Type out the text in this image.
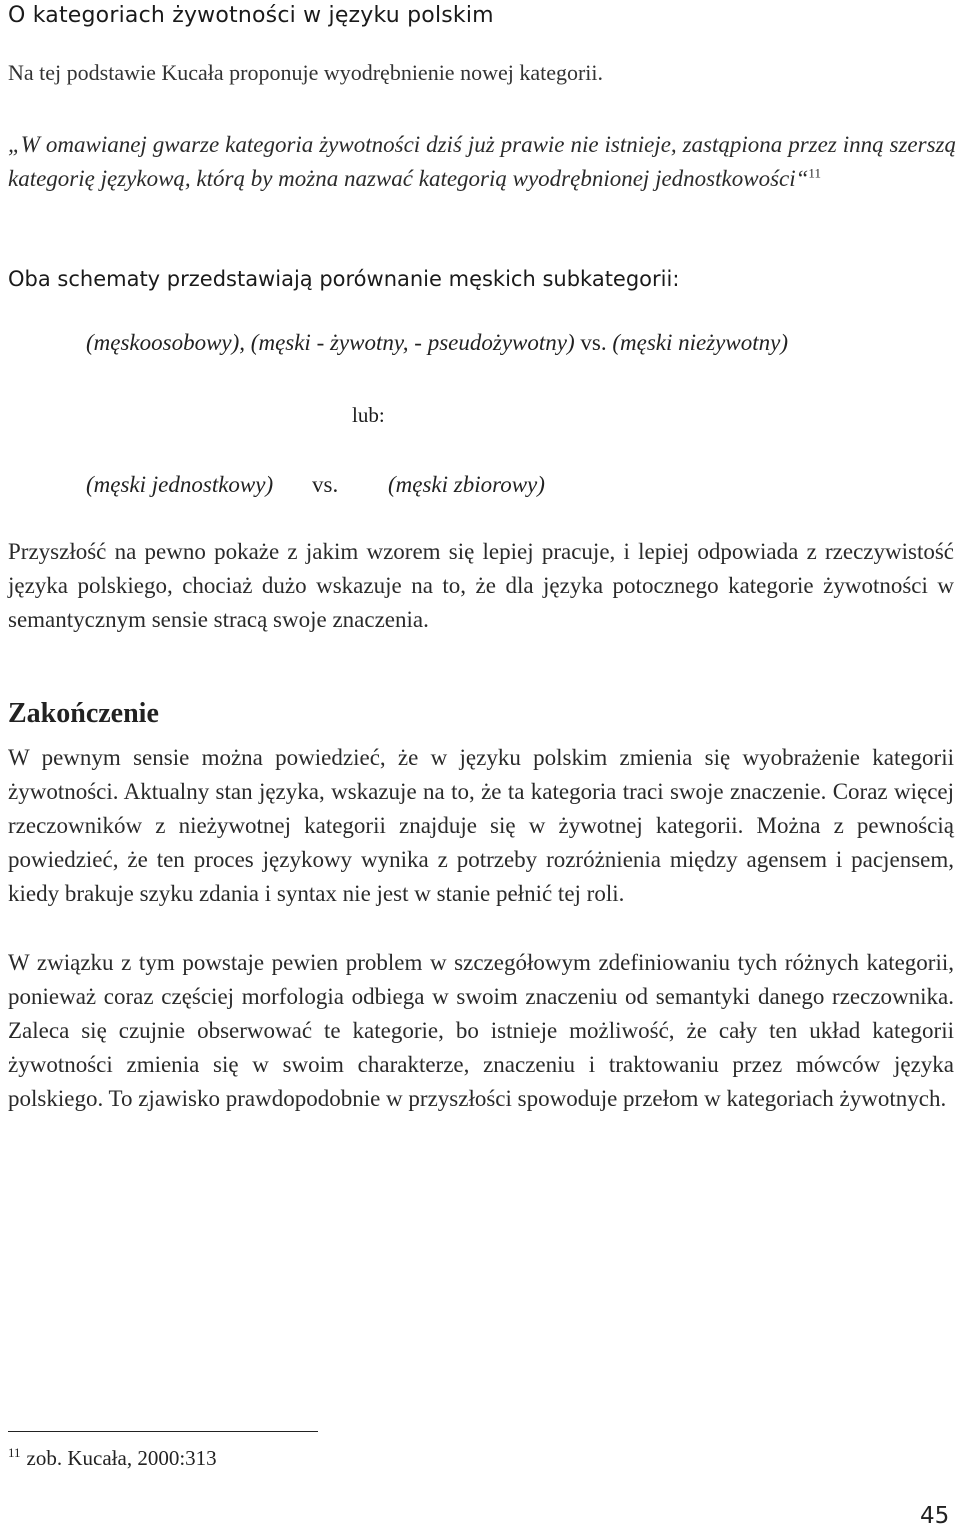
O kategoriach żywotności w języku polskim

Na tej podstawie Kucała proponuje wyodrębnienie nowej kategorii.

„W omawianej gwarze kategoria żywotności dziś już prawie nie istnieje, zastąpiona przez inną szerszą kategorię językową, którą by można nazwać kategorią wyodrębnionej jednostkowości“$^{11}$

Oba schematy przedstawiają porównanie męskich subkategorii:

(męskoosobowy), (męski - żywotny, - pseudożywotny) vs. (męski nieżywotny)

lub:

(męski jednostkowy) vs. (męski zbiorowy)

Przyszłość na pewno pokaże z jakim wzorem się lepiej pracuje, i lepiej odpowiada z rzeczywistość języka polskiego, chociaż dużo wskazuje na to, że dla języka potocznego kategorie żywotności w semantycznym sensie stracą swoje znaczenia.

Zakończenie

W pewnym sensie można powiedzieć, że w języku polskim zmienia się wyobrażenie kategorii żywotności. Aktualny stan języka, wskazuje na to, że ta kategoria traci swoje znaczenie. Coraz więcej rzeczowników z nieżywotnej kategorii znajduje się w żywotnej kategorii. Można z pewnością powiedzieć, że ten proces językowy wynika z potrzeby rozróżnienia między agensem i pacjensem, kiedy brakuje szyku zdania i syntax nie jest w stanie pełnić tej roli.

W związku z tym powstaje pewien problem w szczegółowym zdefiniowaniu tych różnych kategorii, ponieważ coraz częściej morfologia odbiega w swoim znaczeniu od semantyki danego rzeczownika. Zaleca się czujnie obserwować te kategorie, bo istnieje możliwość, że cały ten układ kategorii żywotności zmienia się w swoim charakterze, znaczeniu i traktowaniu przez mówców języka polskiego. To zjawisko prawdopodobnie w przyszłości spowoduje przełom w kategoriach żywotnych.

$^{11}$ zob. Kucała, 2000:313

45
